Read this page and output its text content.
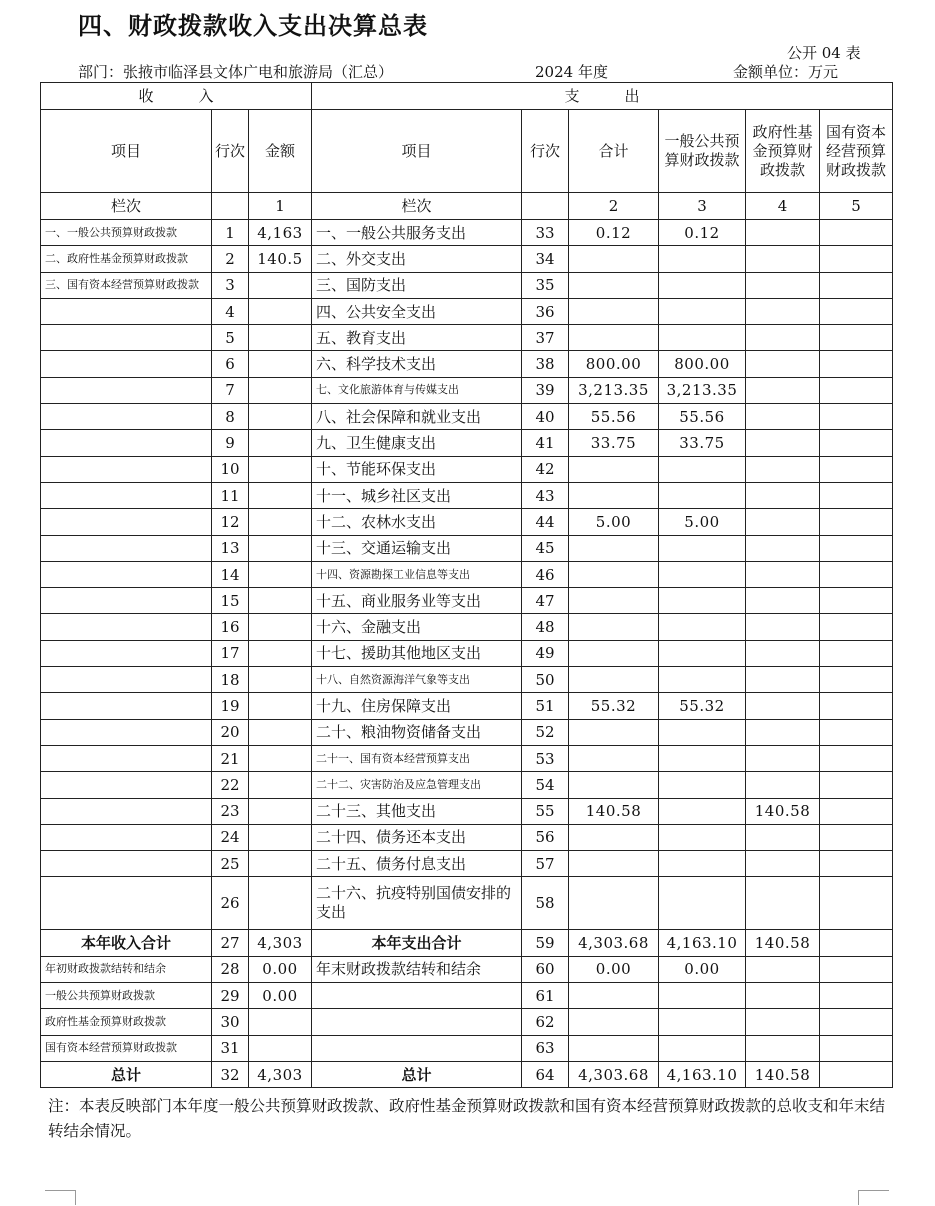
四、财政拨款收入支出决算总表
公开 04 表
部门：张掖市临泽县文体广电和旅游局（汇总）	2024 年度	金额单位：万元
收　　　入			支　　　出					
项目	行次	金额	项目	行次	合计	一般公共预算财政拨款	政府性基金预算财政拨款	国有资本经营预算财政拨款
栏次		1	栏次		2	3	4	5
一、一般公共预算财政拨款	1	4,163	一、一般公共服务支出	33	0.12	0.12		
二、政府性基金预算财政拨款	2	140.5	二、外交支出	34				
三、国有资本经营预算财政拨款	3		三、国防支出	35				
	4		四、公共安全支出	36				
	5		五、教育支出	37				
	6		六、科学技术支出	38	800.00	800.00		
	7		七、文化旅游体育与传媒支出	39	3,213.35	3,213.35		
	8		八、社会保障和就业支出	40	55.56	55.56		
	9		九、卫生健康支出	41	33.75	33.75		
	10		十、节能环保支出	42				
	11		十一、城乡社区支出	43				
	12		十二、农林水支出	44	5.00	5.00		
	13		十三、交通运输支出	45				
	14		十四、资源勘探工业信息等支出	46				
	15		十五、商业服务业等支出	47				
	16		十六、金融支出	48				
	17		十七、援助其他地区支出	49				
	18		十八、自然资源海洋气象等支出	50				
	19		十九、住房保障支出	51	55.32	55.32		
	20		二十、粮油物资储备支出	52				
	21		二十一、国有资本经营预算支出	53				
	22		二十二、灾害防治及应急管理支出	54				
	23		二十三、其他支出	55	140.58		140.58	
	24		二十四、债务还本支出	56				
	25		二十五、债务付息支出	57				
	26		二十六、抗疫特别国债安排的支出	58				
本年收入合计	27	4,303	本年支出合计	59	4,303.68	4,163.10	140.58	
年初财政拨款结转和结余	28	0.00	年末财政拨款结转和结余	60	0.00	0.00		
一般公共预算财政拨款	29	0.00		61				
政府性基金预算财政拨款	30			62				
国有资本经营预算财政拨款	31			63				
总计	32	4,303	总计	64	4,303.68	4,163.10	140.58	
注：本表反映部门本年度一般公共预算财政拨款、政府性基金预算财政拨款和国有资本经营预算财政拨款的总收支和年末结转结余情况。
